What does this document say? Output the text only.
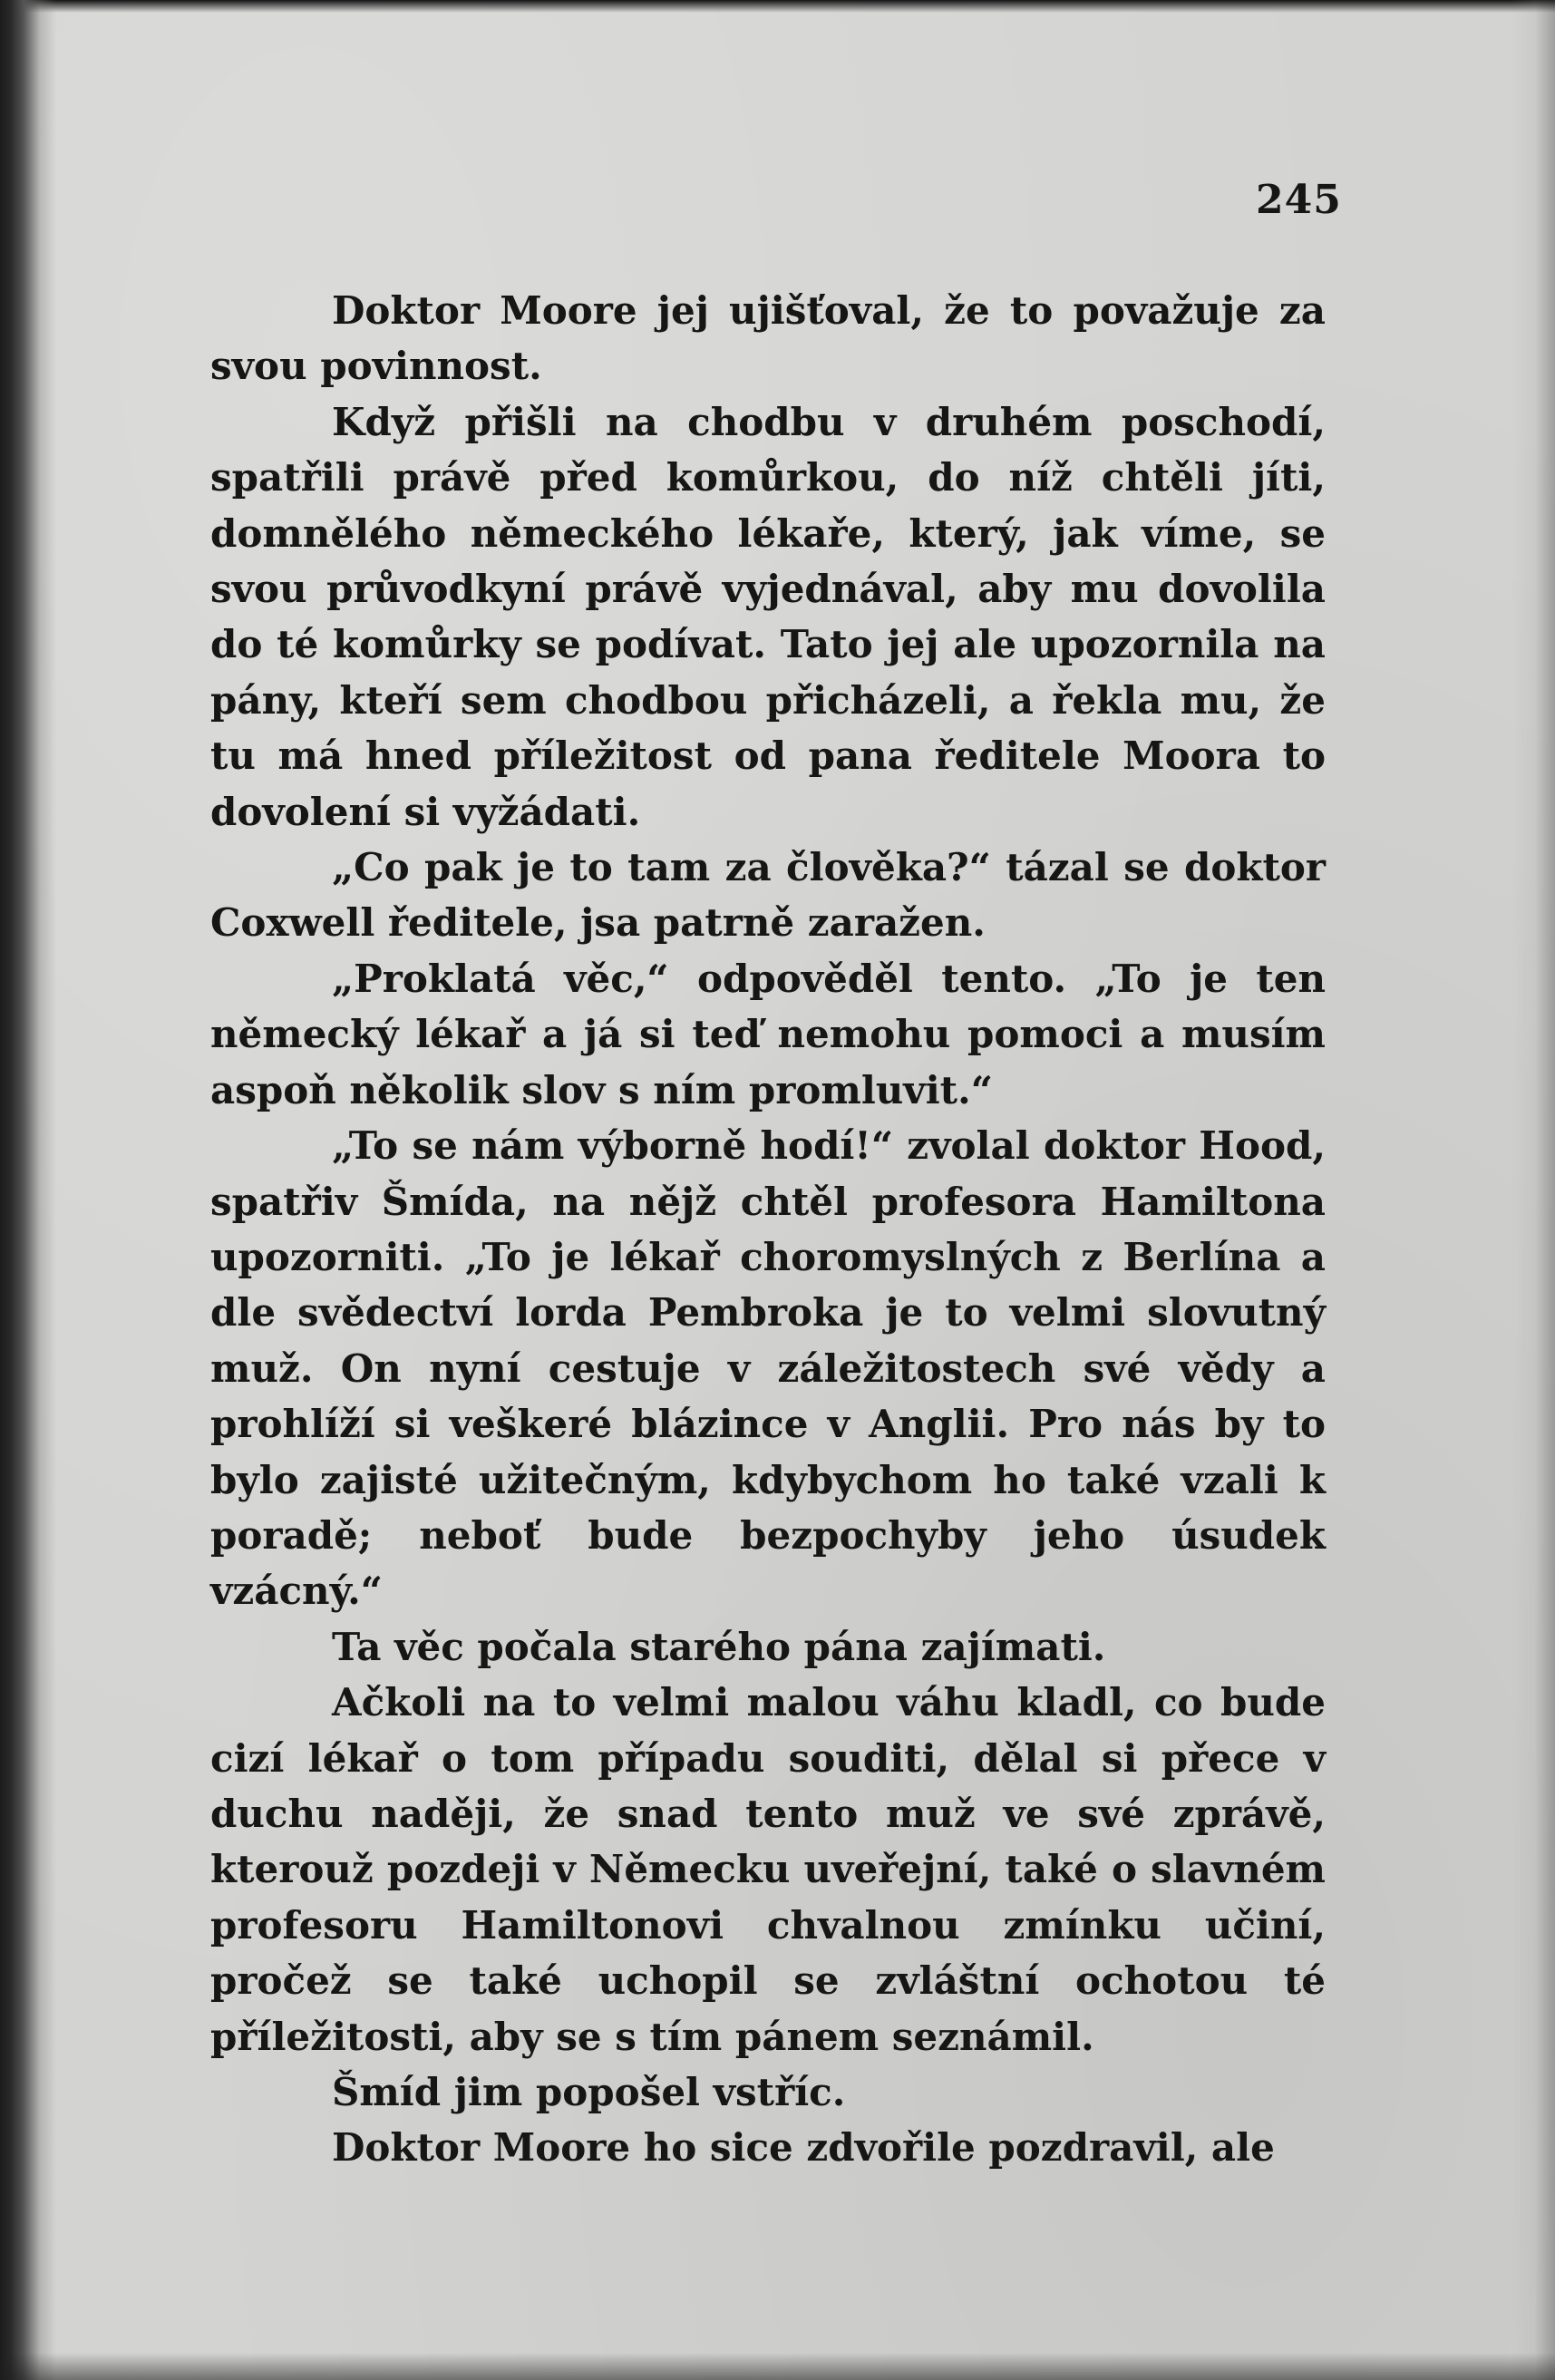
245

Doktor Moore jej ujišťoval, že to považuje za svou povinnost.

Když přišli na chodbu v druhém poschodí, spatřili právě před komůrkou, do níž chtěli jíti, domnělého německého lékaře, který, jak víme, se svou průvodkyní právě vyjednával, aby mu dovolila do té komůrky se podívat. Tato jej ale upozornila na pány, kteří sem chodbou přicházeli, a řekla mu, že tu má hned příležitost od pana ředitele Moora to dovolení si vyžádati.

„Co pak je to tam za člověka?“ tázal se doktor Coxwell ředitele, jsa patrně zaražen.

„Proklatá věc,“ odpověděl tento. „To je ten německý lékař a já si teď nemohu pomoci a musím aspoň několik slov s ním promluvit.“

„To se nám výborně hodí!“ zvolal doktor Hood, spatřiv Šmída, na nějž chtěl profesora Hamiltona upozorniti. „To je lékař choromyslných z Berlína a dle svědectví lorda Pembroka je to velmi slovutný muž. On nyní cestuje v záležitostech své vědy a prohlíží si veškeré blázince v Anglii. Pro nás by to bylo zajisté užitečným, kdybychom ho také vzali k poradě; neboť bude bezpochyby jeho úsudek vzácný.“

Ta věc počala starého pána zajímati.

Ačkoli na to velmi malou váhu kladl, co bude cizí lékař o tom případu souditi, dělal si přece v duchu naději, že snad tento muž ve své zprávě, kterouž pozdeji v Německu uveřejní, také o slavném profesoru Hamiltonovi chvalnou zmínku učiní, pročež se také uchopil se zvláštní ochotou té příležitosti, aby se s tím pánem seznámil.

Šmíd jim popošel vstříc.

Doktor Moore ho sice zdvořile pozdravil, ale
